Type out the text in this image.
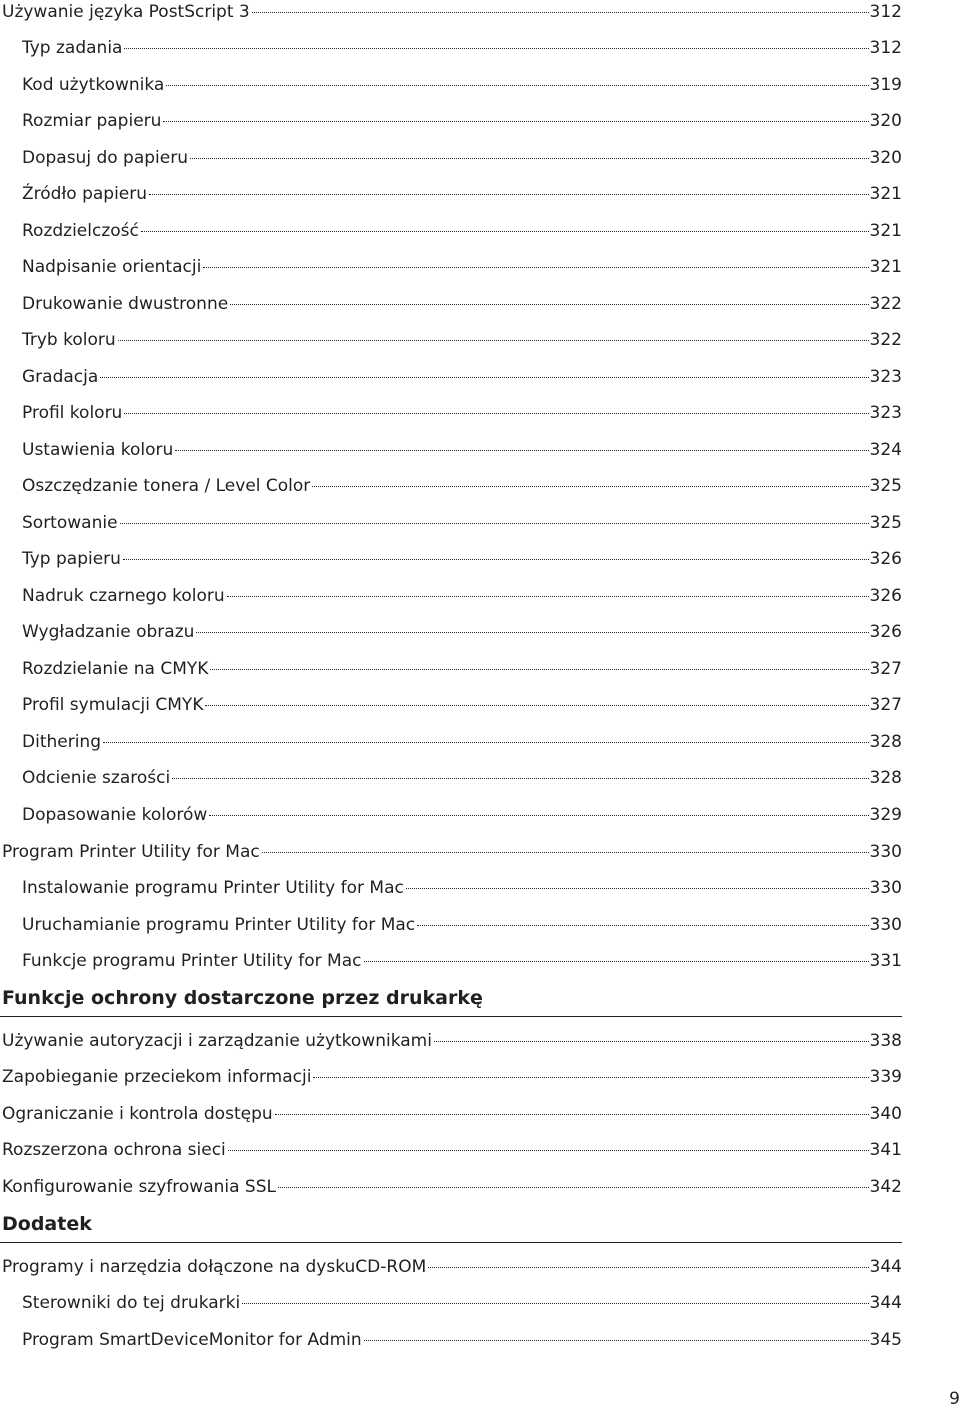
Używanie języka PostScript 3	312
Typ zadania	312
Kod użytkownika	319
Rozmiar papieru	320
Dopasuj do papieru	320
Źródło papieru	321
Rozdzielczość	321
Nadpisanie orientacji	321
Drukowanie dwustronne	322
Tryb koloru	322
Gradacja	323
Profil koloru	323
Ustawienia koloru	324
Oszczędzanie tonera / Level Color	325
Sortowanie	325
Typ papieru	326
Nadruk czarnego koloru	326
Wygładzanie obrazu	326
Rozdzielanie na CMYK	327
Profil symulacji CMYK	327
Dithering	328
Odcienie szarości	328
Dopasowanie kolorów	329
Program Printer Utility for Mac	330
Instalowanie programu Printer Utility for Mac	330
Uruchamianie programu Printer Utility for Mac	330
Funkcje programu Printer Utility for Mac	331
Funkcje ochrony dostarczone przez drukarkę
Używanie autoryzacji i zarządzanie użytkownikami	338
Zapobieganie przeciekom informacji	339
Ograniczanie i kontrola dostępu	340
Rozszerzona ochrona sieci	341
Konfigurowanie szyfrowania SSL	342
Dodatek
Programy i narzędzia dołączone na dyskuCD-ROM	344
Sterowniki do tej drukarki	344
Program SmartDeviceMonitor for Admin	345
9
